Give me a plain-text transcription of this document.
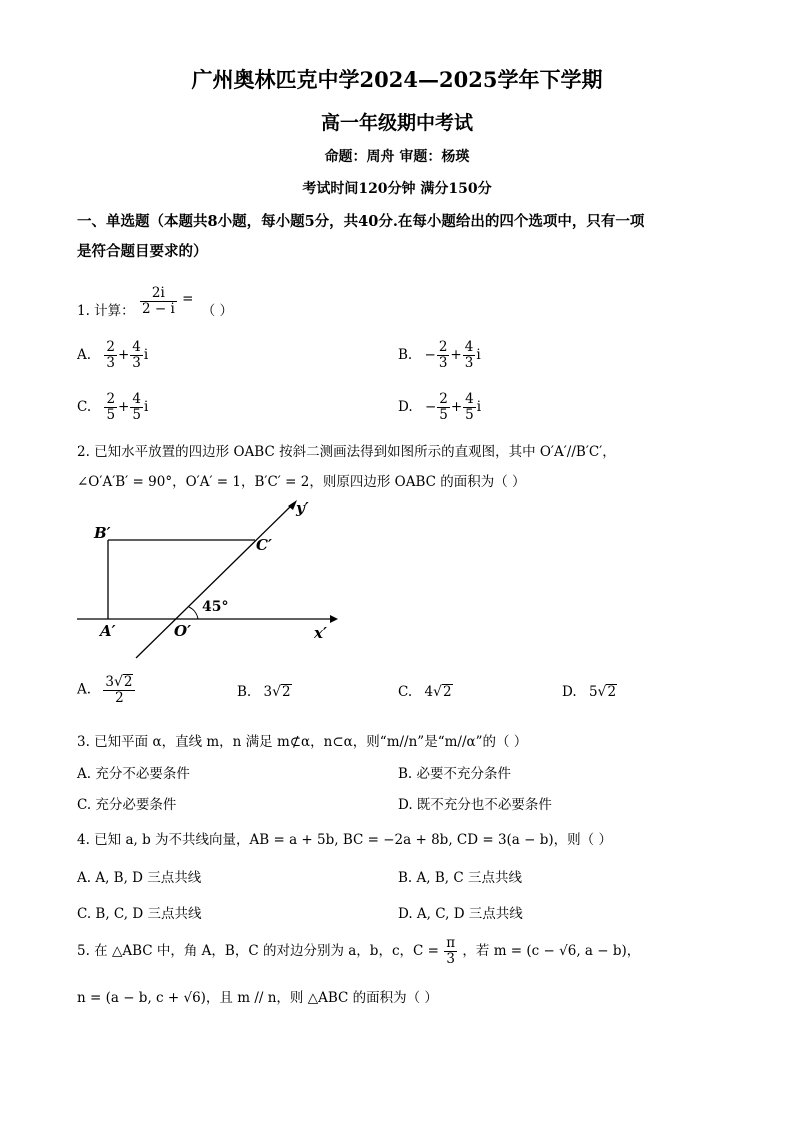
广州奥林匹克中学2024—2025学年下学期
高一年级期中考试
命题：周舟 审题：杨瑛
考试时间120分钟 满分150分
一、单选题（本题共8小题，每小题5分，共40分.在每小题给出的四个选项中，只有一项
是符合题目要求的）
1. 计算： $\frac{2i}{2 - i}$ = （ ）
A. $\frac{2}{3} + \frac{4}{3}$ i	B. − $\frac{2}{3} + \frac{4}{3}$ i
C. $\frac{2}{5} + \frac{4}{5}$ i	D. − $\frac{2}{5} + \frac{4}{5}$ i
2. 已知水平放置的四边形 OABC 按斜二测画法得到如图所示的直观图，其中 O′A′//B′C′，
∠O′A′B′ = 90°，O′A′ = 1，B′C′ = 2，则原四边形 OABC 的面积为（ ）
B′
C′
A′	O′	x′
y′
45°
A. $\frac{3√2}{2}$	B. 3√2	C. 4√2	D. 5√2
3. 已知平面 α，直线 m，n 满足 m⊄α，n⊂α，则“m//n”是“m//α”的（ ）
A. 充分不必要条件	B. 必要不充分条件
C. 充分必要条件	D. 既不充分也不必要条件
4. 已知 a, b 为不共线向量，AB = a + 5b, BC = −2a + 8b, CD = 3(a − b)，则（ ）
A. A, B, D 三点共线	B. A, B, C 三点共线
C. B, C, D 三点共线	D. A, C, D 三点共线
5. 在 △ABC 中，角 A，B，C 的对边分别为 a，b，c，$C = \frac{\pi}{3}$ ，若 m = (c − √6, a − b)，
n = (a − b, c + √6)，且 m // n，则 △ABC 的面积为（ ）
